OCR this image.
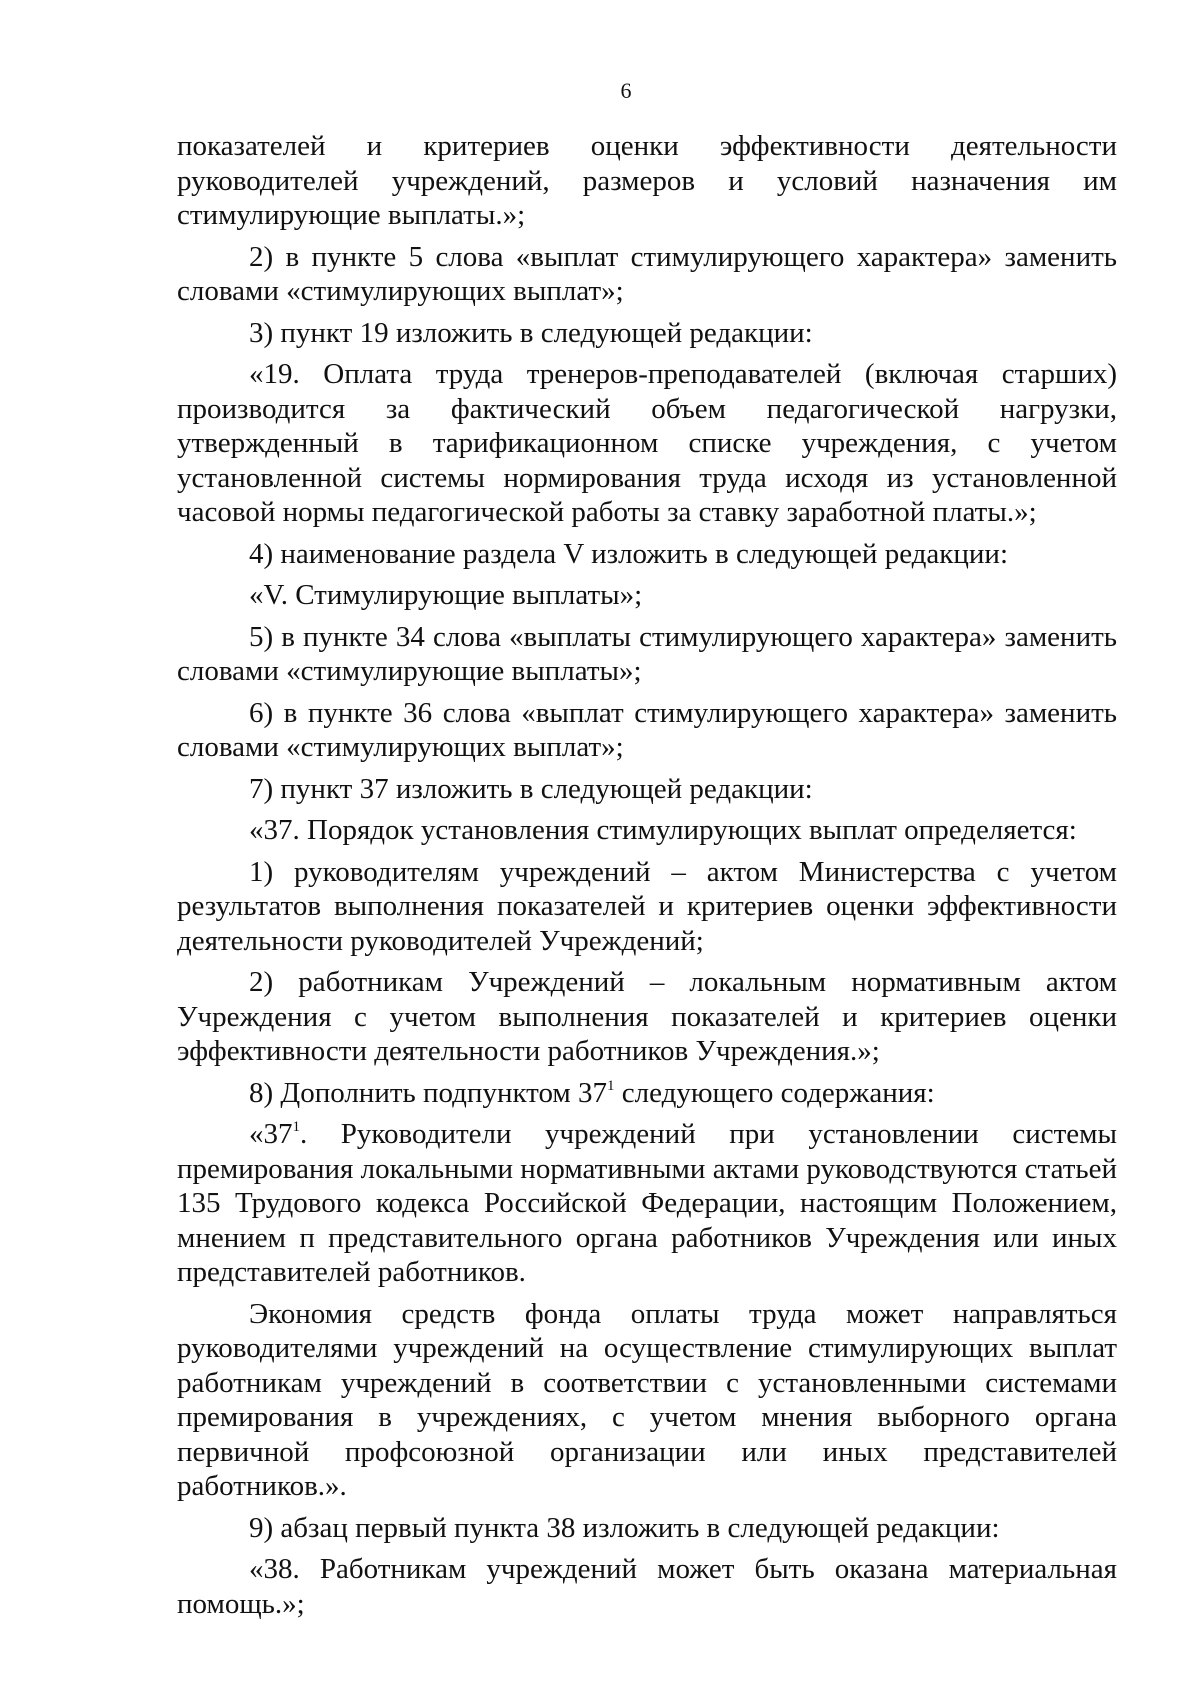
6

показателей и критериев оценки эффективности деятельности руководителей учреждений, размеров и условий назначения им стимулирующие выплаты.»;

2) в пункте 5 слова «выплат стимулирующего характера» заменить словами «стимулирующих выплат»;

3) пункт 19 изложить в следующей редакции:

«19. Оплата труда тренеров-преподавателей (включая старших) производится за фактический объем педагогической нагрузки, утвержденный в тарификационном списке учреждения, с учетом установленной системы нормирования труда исходя из установленной часовой нормы педагогической работы за ставку заработной платы.»;

4) наименование раздела V изложить в следующей редакции:

«V. Стимулирующие выплаты»;

5) в пункте 34 слова «выплаты стимулирующего характера» заменить словами «стимулирующие выплаты»;

6) в пункте 36 слова «выплат стимулирующего характера» заменить словами «стимулирующих выплат»;

7) пункт 37 изложить в следующей редакции:

«37. Порядок установления стимулирующих выплат определяется:

1) руководителям учреждений – актом Министерства с учетом результатов выполнения показателей и критериев оценки эффективности деятельности руководителей Учреждений;

2) работникам Учреждений – локальным нормативным актом Учреждения с учетом выполнения показателей и критериев оценки эффективности деятельности работников Учреждения.»;

8) Дополнить подпунктом $37^1$ следующего содержания:

«$37^1$. Руководители учреждений при установлении системы премирования локальными нормативными актами руководствуются статьей 135 Трудового кодекса Российской Федерации, настоящим Положением, мнением п представительного органа работников Учреждения или иных представителей работников.

Экономия средств фонда оплаты труда может направляться руководителями учреждений на осуществление стимулирующих выплат работникам учреждений в соответствии с установленными системами премирования в учреждениях, с учетом мнения выборного органа первичной профсоюзной организации или иных представителей работников.».

9) абзац первый пункта 38 изложить в следующей редакции:

«38. Работникам учреждений может быть оказана материальная помощь.»;
